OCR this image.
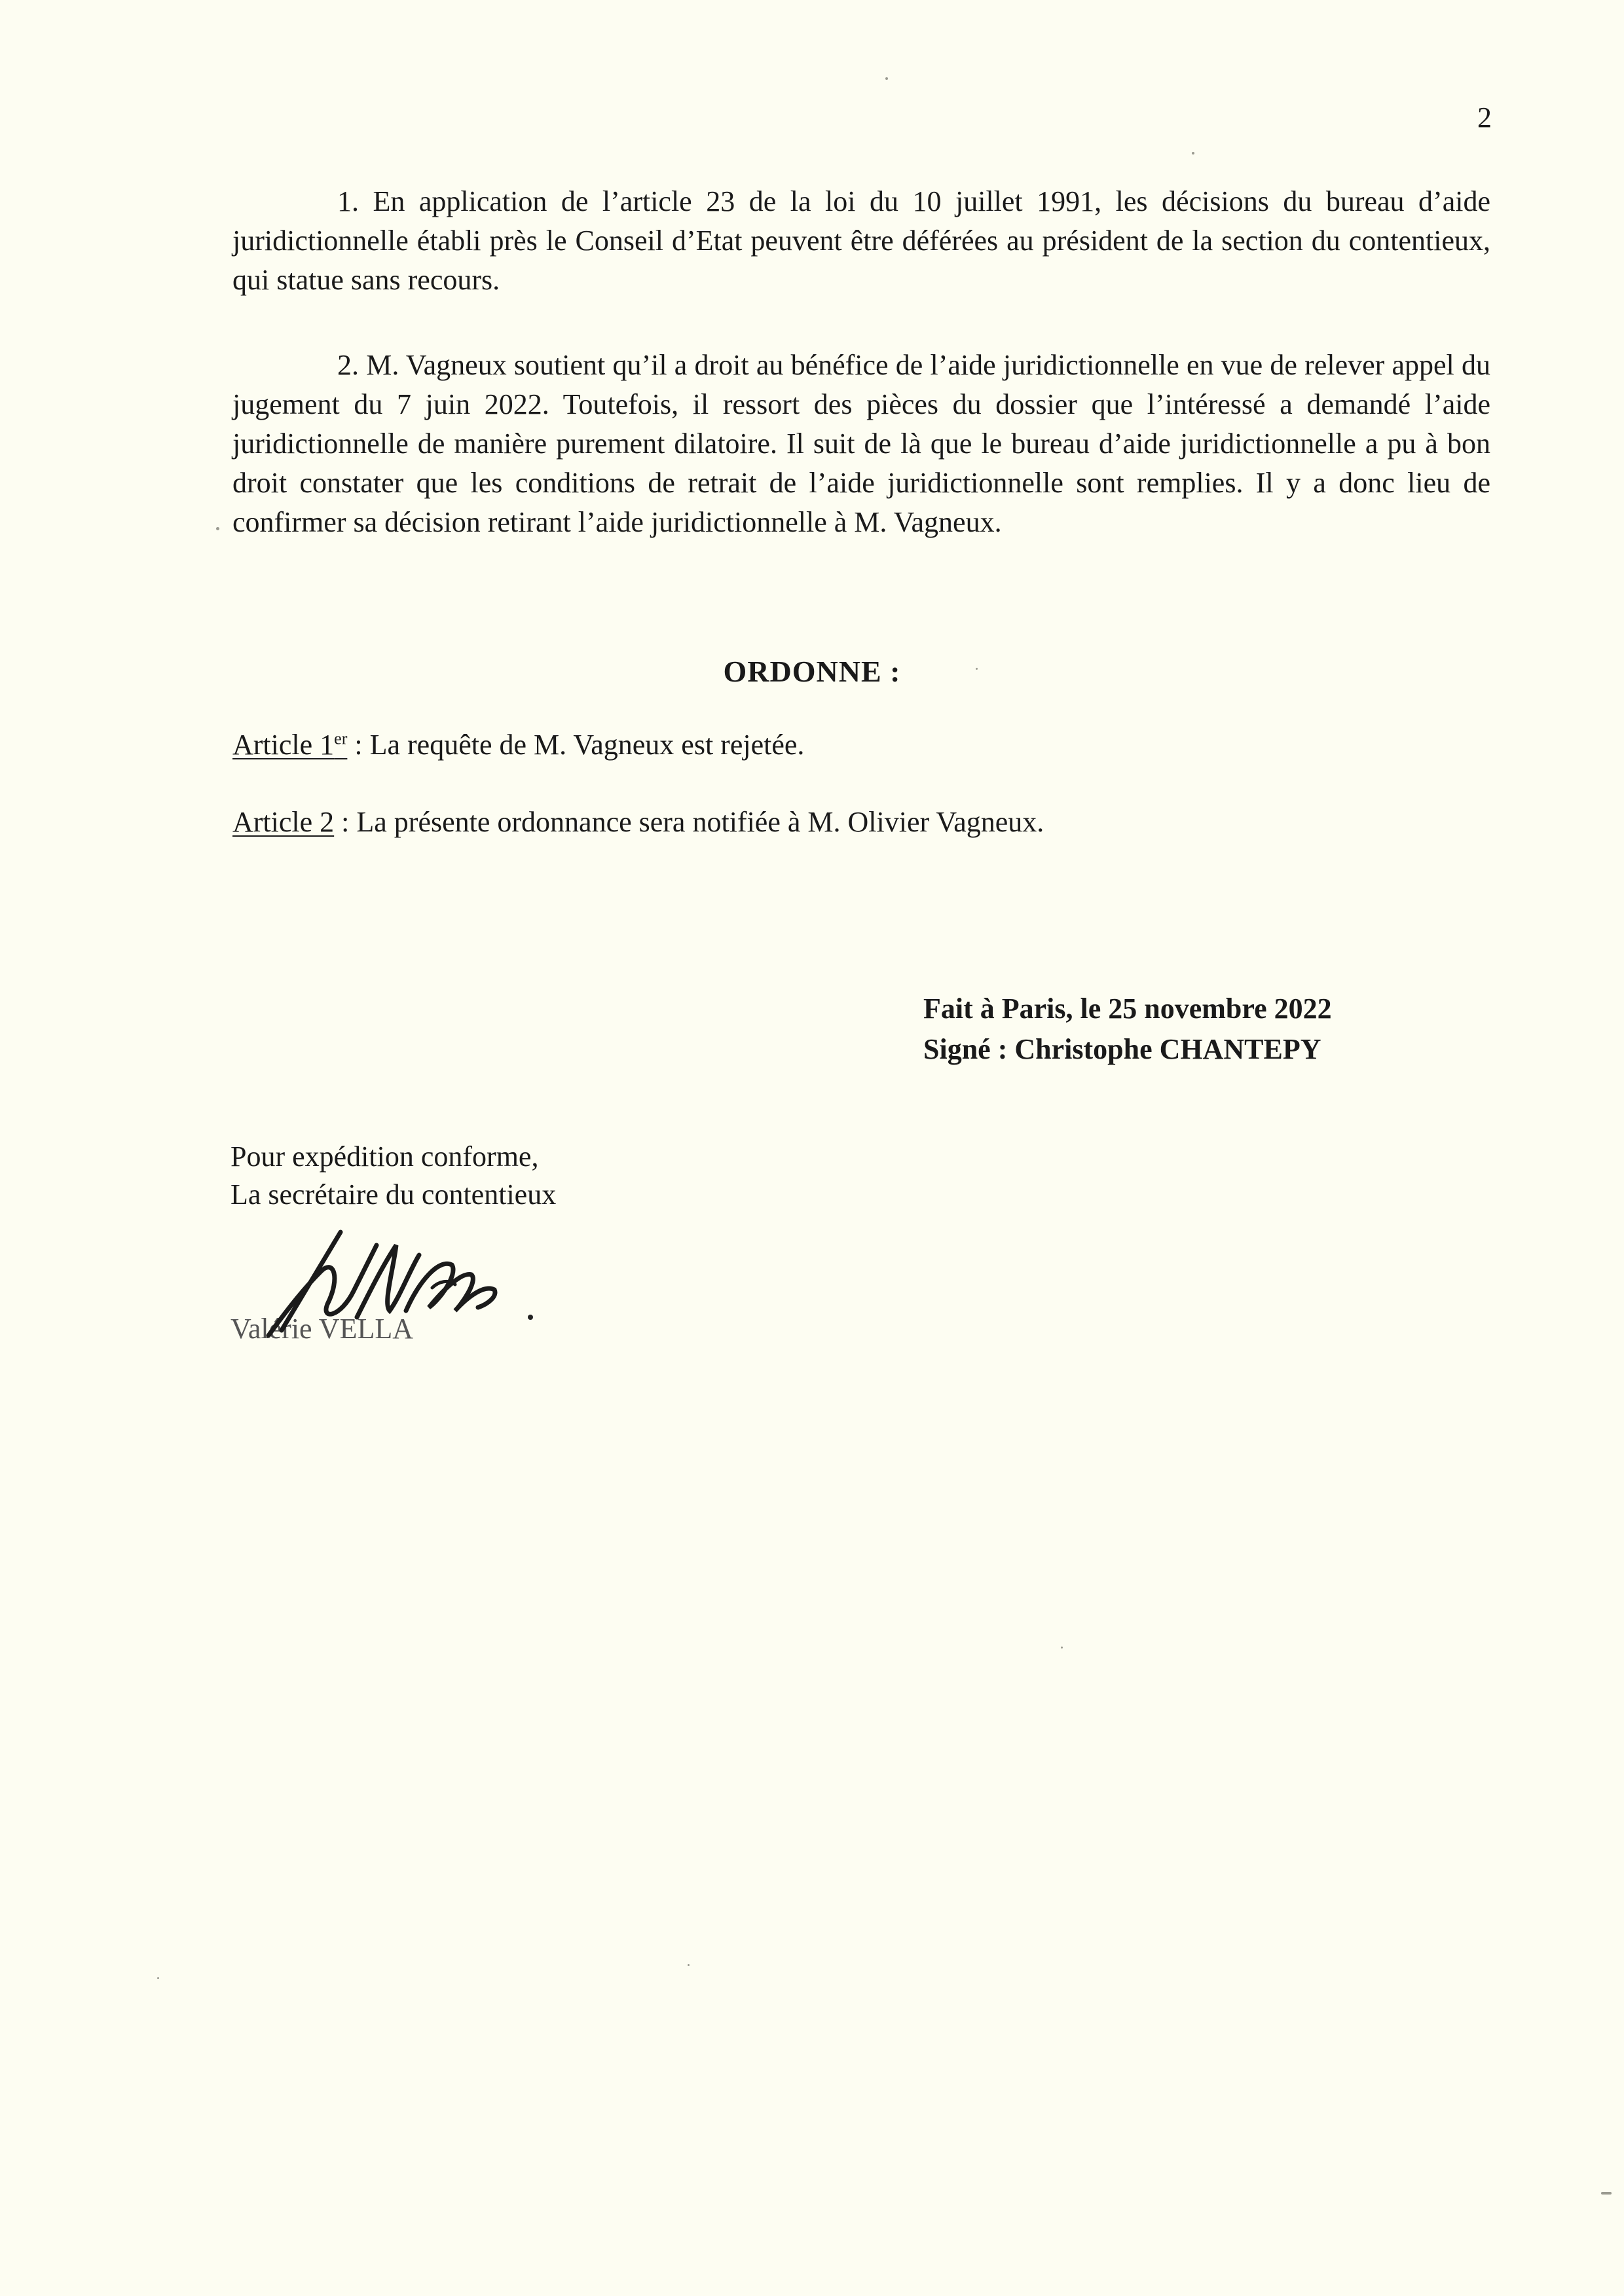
2

1. En application de l’article 23 de la loi du 10 juillet 1991, les décisions du bureau d’aide juridictionnelle établi près le Conseil d’Etat peuvent être déférées au président de la section du contentieux, qui statue sans recours.

2. M. Vagneux soutient qu’il a droit au bénéfice de l’aide juridictionnelle en vue de relever appel du jugement du 7 juin 2022. Toutefois, il ressort des pièces du dossier que l’intéressé a demandé l’aide juridictionnelle de manière purement dilatoire. Il suit de là que le bureau d’aide juridictionnelle a pu à bon droit constater que les conditions de retrait de l’aide juridictionnelle sont remplies. Il y a donc lieu de confirmer sa décision retirant l’aide juridictionnelle à M. Vagneux.

ORDONNE :
Article 1er : La requête de M. Vagneux est rejetée.
Article 2 : La présente ordonnance sera notifiée à M. Olivier Vagneux.
Fait à Paris, le 25 novembre 2022
Signé : Christophe CHANTEPY
Pour expédition conforme,
La secrétaire du contentieux
Valérie VELLA
